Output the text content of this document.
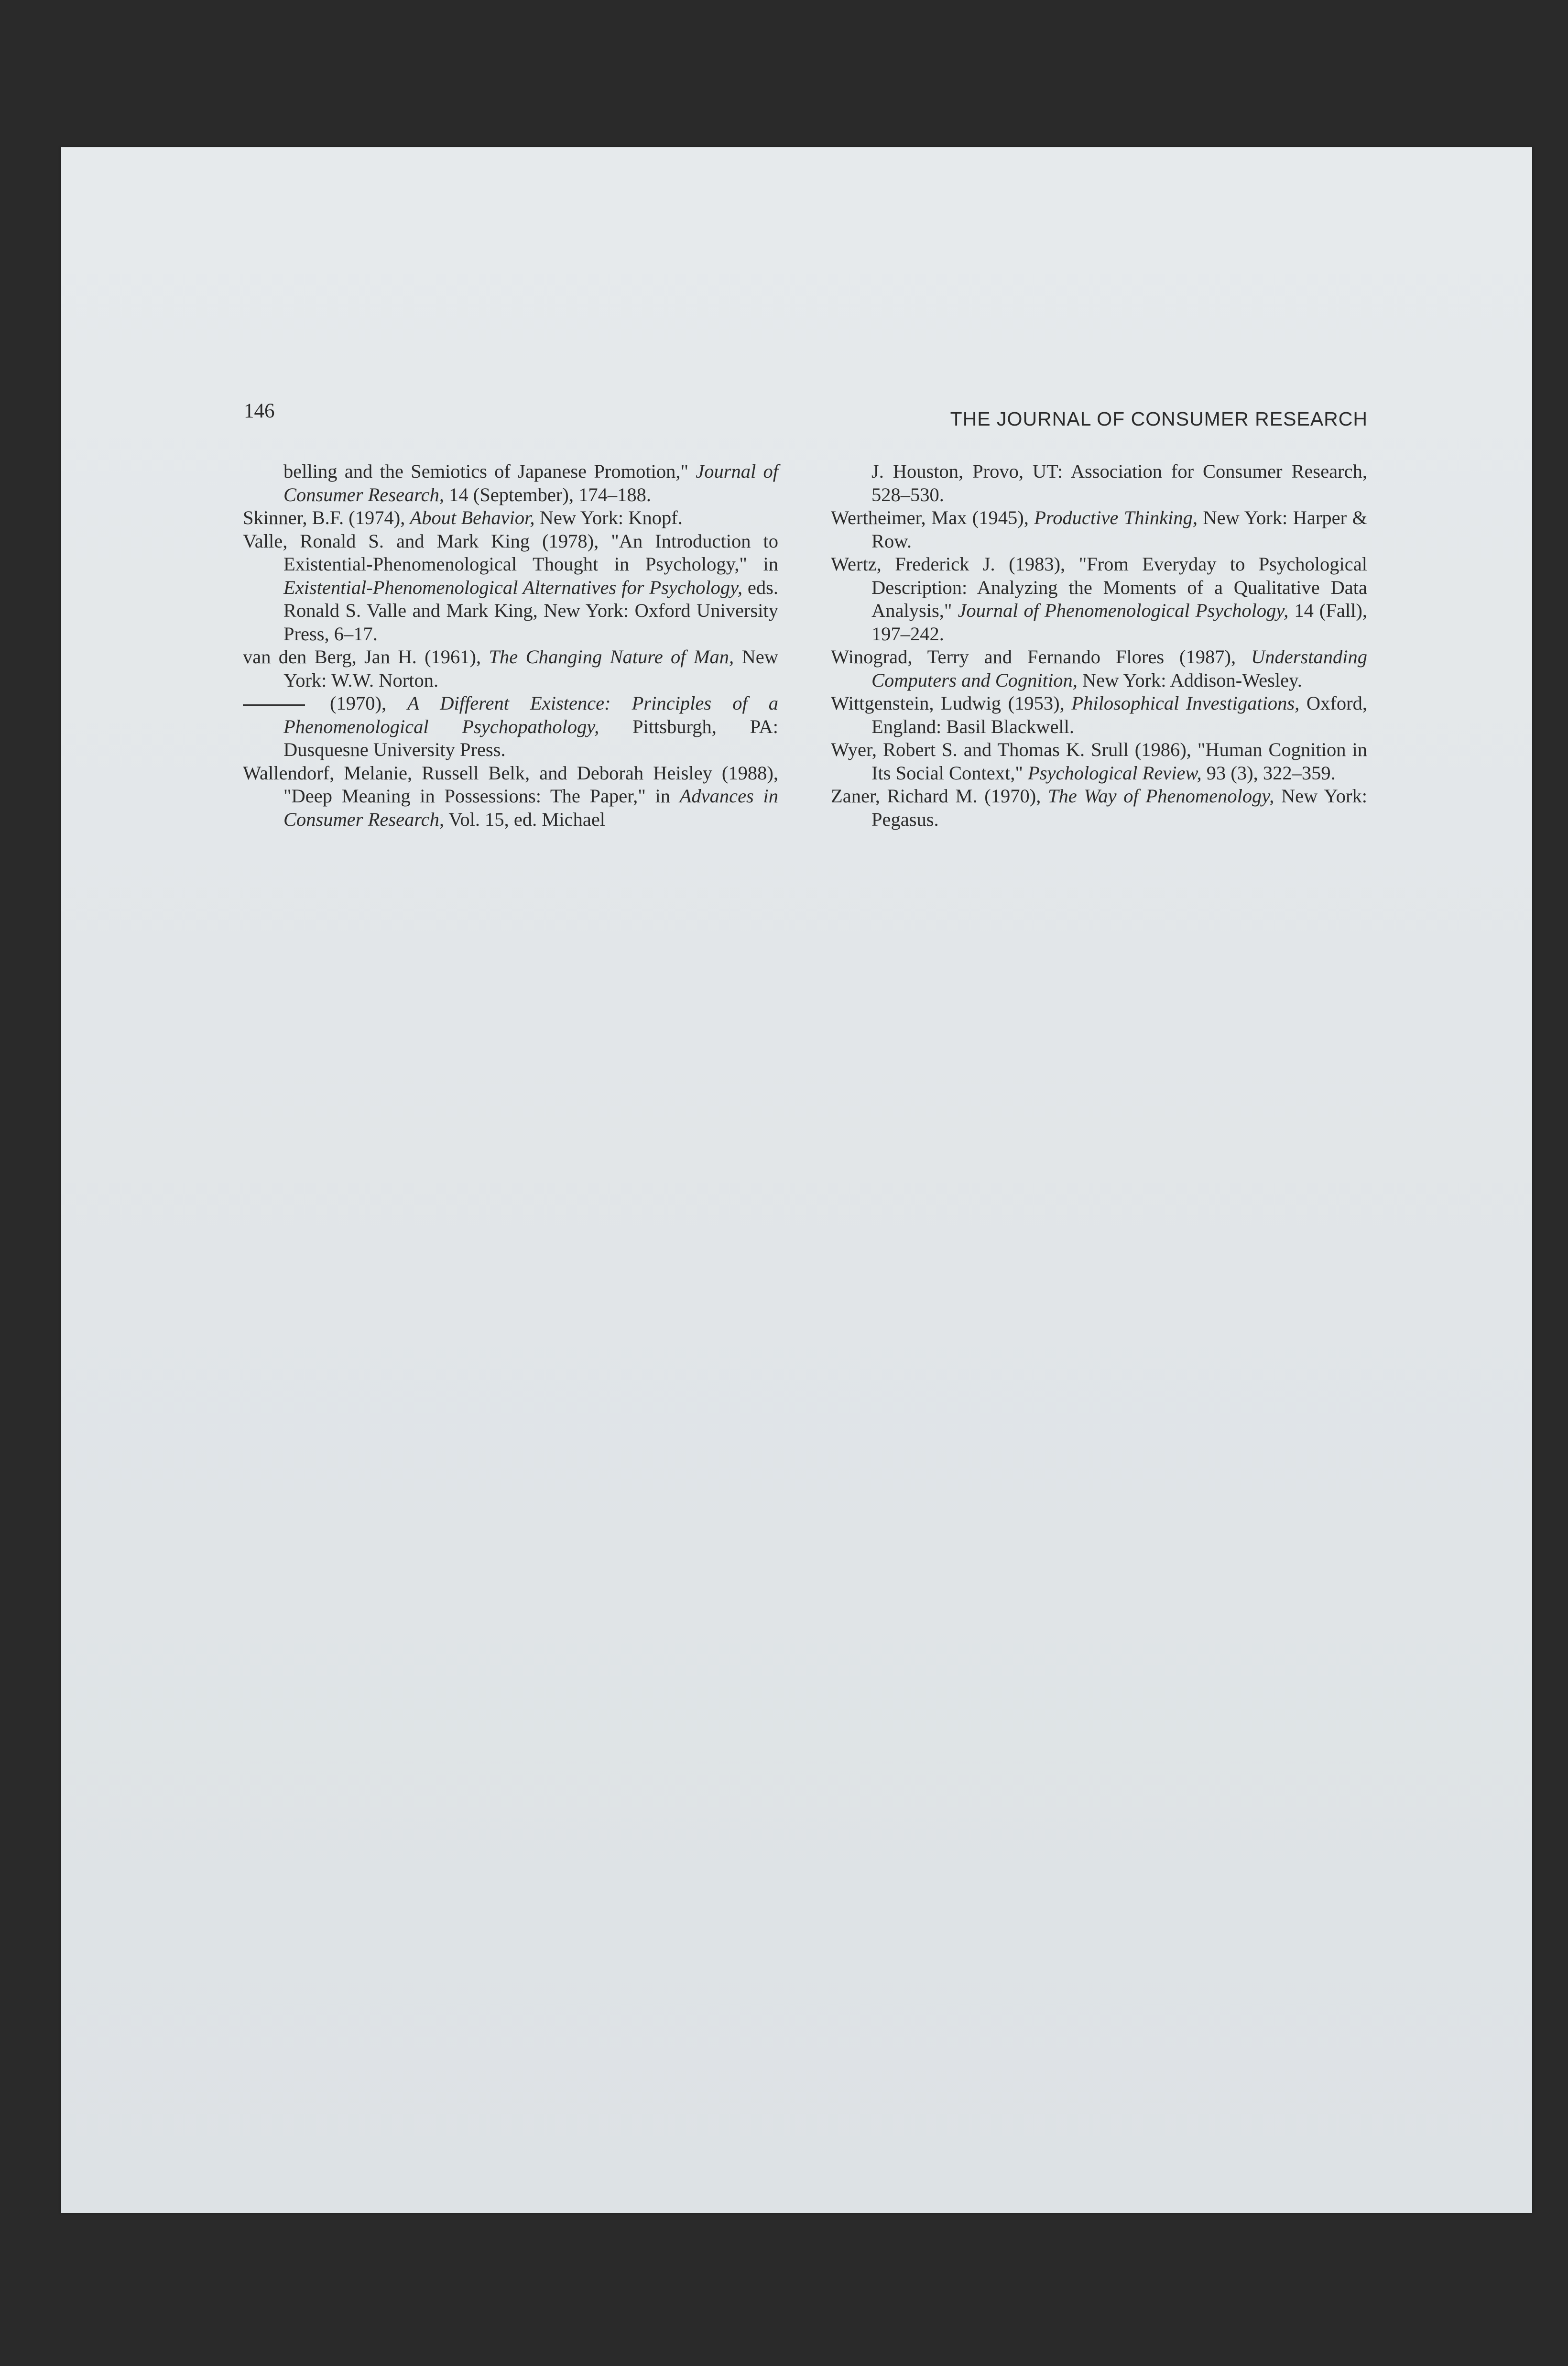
146	THE JOURNAL OF CONSUMER RESEARCH

belling and the Semiotics of Japanese Promotion," Journal of Consumer Research, 14 (September), 174–188.

Skinner, B.F. (1974), About Behavior, New York: Knopf.

Valle, Ronald S. and Mark King (1978), "An Introduction to Existential-Phenomenological Thought in Psychology," in Existential-Phenomenological Alternatives for Psychology, eds. Ronald S. Valle and Mark King, New York: Oxford University Press, 6–17.

van den Berg, Jan H. (1961), The Changing Nature of Man, New York: W.W. Norton.

(1970), A Different Existence: Principles of a Phenomenological Psychopathology, Pittsburgh, PA: Dusquesne University Press.

Wallendorf, Melanie, Russell Belk, and Deborah Heisley (1988), "Deep Meaning in Possessions: The Paper," in Advances in Consumer Research, Vol. 15, ed. Michael

J. Houston, Provo, UT: Association for Consumer Research, 528–530.

Wertheimer, Max (1945), Productive Thinking, New York: Harper & Row.

Wertz, Frederick J. (1983), "From Everyday to Psychological Description: Analyzing the Moments of a Qualitative Data Analysis," Journal of Phenomenological Psychology, 14 (Fall), 197–242.

Winograd, Terry and Fernando Flores (1987), Understanding Computers and Cognition, New York: Addison-Wesley.

Wittgenstein, Ludwig (1953), Philosophical Investigations, Oxford, England: Basil Blackwell.

Wyer, Robert S. and Thomas K. Srull (1986), "Human Cognition in Its Social Context," Psychological Review, 93 (3), 322–359.

Zaner, Richard M. (1970), The Way of Phenomenology, New York: Pegasus.
